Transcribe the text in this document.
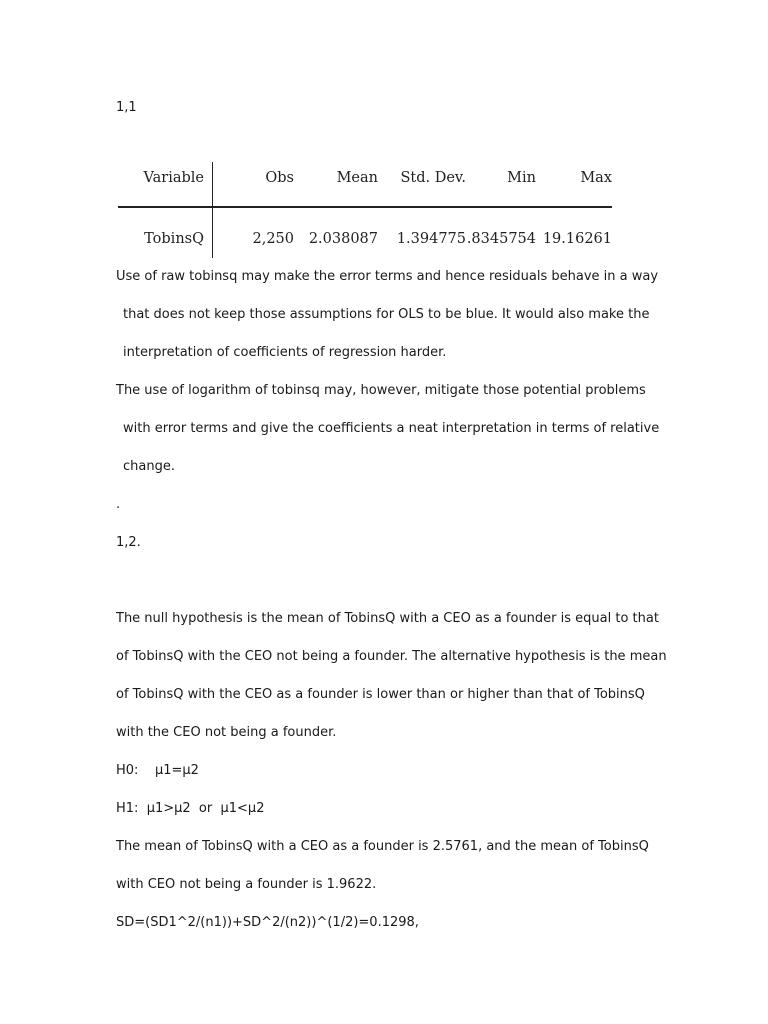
1,1
Variable	Obs	Mean Std. Dev.	Min	Max
TobinsQ	2,250 2.038087 1.394775 .8345754 19.16261
Use of raw tobinsq may make the error terms and hence residuals behave in a way
that does not keep those assumptions for OLS to be blue. It would also make the
interpretation of coefficients of regression harder.
The use of logarithm of tobinsq may, however, mitigate those potential problems
with error terms and give the coefficients a neat interpretation in terms of relative
change.
.
1,2.
The null hypothesis is the mean of TobinsQ with a CEO as a founder is equal to that
of TobinsQ with the CEO not being a founder. The alternative hypothesis is the mean
of TobinsQ with the CEO as a founder is lower than or higher than that of TobinsQ
with the CEO not being a founder.
H0:    μ1=μ2
H1:  μ1>μ2  or  μ1<μ2
The mean of TobinsQ with a CEO as a founder is 2.5761, and the mean of TobinsQ
with CEO not being a founder is 1.9622.
SD=(SD1^2/(n1))+SD^2/(n2))^(1/2)=0.1298,
